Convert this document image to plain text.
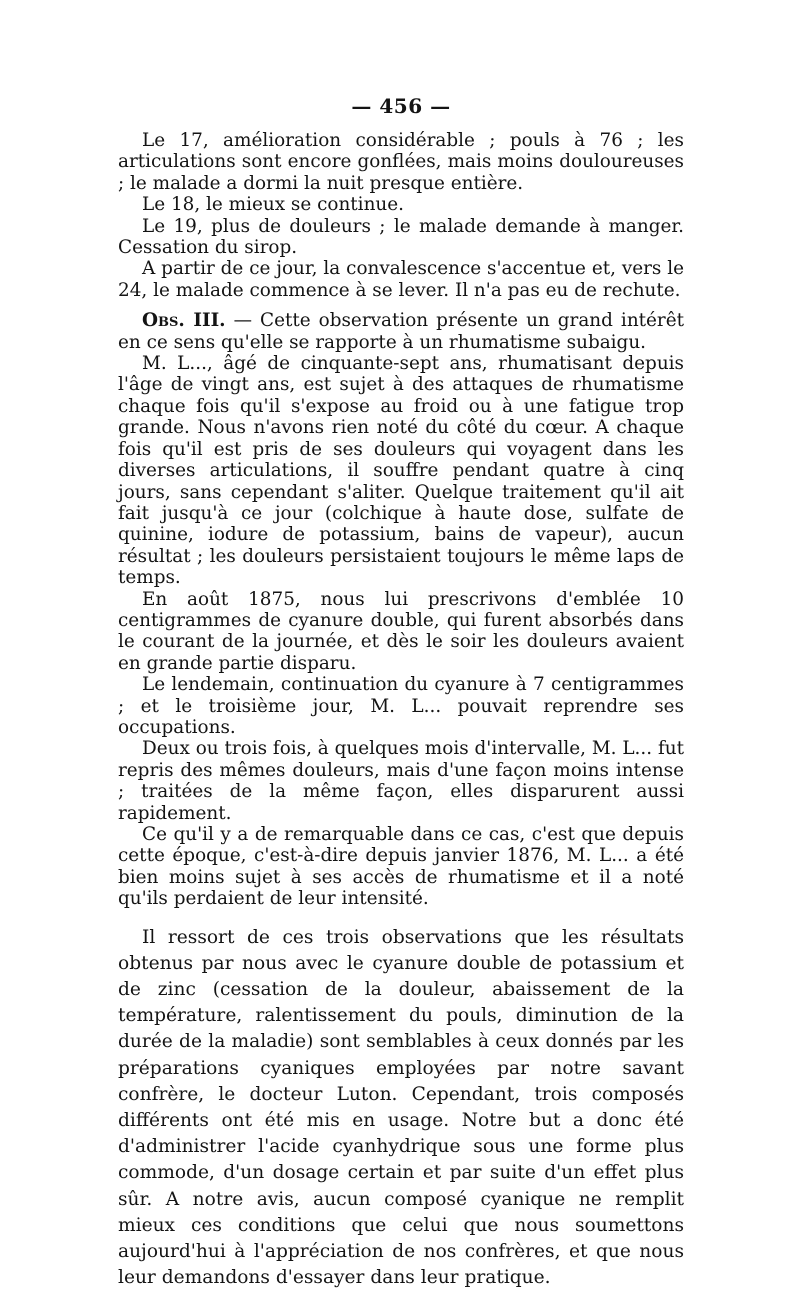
— 456 —

Le 17, amélioration considérable ; pouls à 76 ; les articulations sont encore gonflées, mais moins douloureuses ; le malade a dormi la nuit presque entière.

Le 18, le mieux se continue.

Le 19, plus de douleurs ; le malade demande à manger. Cessation du sirop.

A partir de ce jour, la convalescence s'accentue et, vers le 24, le malade commence à se lever. Il n'a pas eu de rechute.

Obs. III. — Cette observation présente un grand intérêt en ce sens qu'elle se rapporte à un rhumatisme subaigu.

M. L..., âgé de cinquante-sept ans, rhumatisant depuis l'âge de vingt ans, est sujet à des attaques de rhumatisme chaque fois qu'il s'expose au froid ou à une fatigue trop grande. Nous n'avons rien noté du côté du cœur. A chaque fois qu'il est pris de ses douleurs qui voyagent dans les diverses articulations, il souffre pendant quatre à cinq jours, sans cependant s'aliter. Quelque traitement qu'il ait fait jusqu'à ce jour (colchique à haute dose, sulfate de quinine, iodure de potassium, bains de vapeur), aucun résultat ; les douleurs persistaient toujours le même laps de temps.

En août 1875, nous lui prescrivons d'emblée 10 centigrammes de cyanure double, qui furent absorbés dans le courant de la journée, et dès le soir les douleurs avaient en grande partie disparu.

Le lendemain, continuation du cyanure à 7 centigrammes ; et le troisième jour, M. L... pouvait reprendre ses occupations.

Deux ou trois fois, à quelques mois d'intervalle, M. L... fut repris des mêmes douleurs, mais d'une façon moins intense ; traitées de la même façon, elles disparurent aussi rapidement.

Ce qu'il y a de remarquable dans ce cas, c'est que depuis cette époque, c'est-à-dire depuis janvier 1876, M. L... a été bien moins sujet à ses accès de rhumatisme et il a noté qu'ils perdaient de leur intensité.

Il ressort de ces trois observations que les résultats obtenus par nous avec le cyanure double de potassium et de zinc (cessation de la douleur, abaissement de la température, ralentissement du pouls, diminution de la durée de la maladie) sont semblables à ceux donnés par les préparations cyaniques employées par notre savant confrère, le docteur Luton. Cependant, trois composés différents ont été mis en usage. Notre but a donc été d'administrer l'acide cyanhydrique sous une forme plus commode, d'un dosage certain et par suite d'un effet plus sûr. A notre avis, aucun composé cyanique ne remplit mieux ces conditions que celui que nous soumettons aujourd'hui à l'appréciation de nos confrères, et que nous leur demandons d'essayer dans leur pratique.
